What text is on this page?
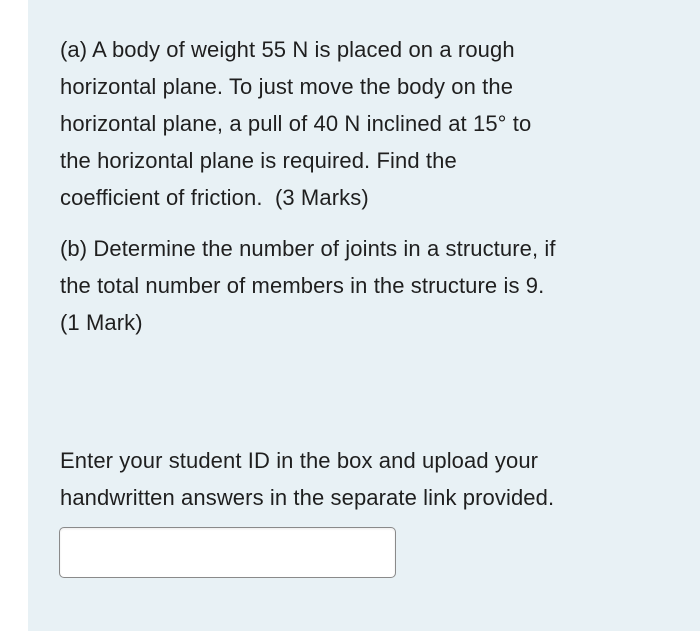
(a) A body of weight 55 N is placed on a rough
horizontal plane. To just move the body on the
horizontal plane, a pull of 40 N inclined at 15° to
the horizontal plane is required. Find the
coefficient of friction.  (3 Marks)

(b) Determine the number of joints in a structure, if
the total number of members in the structure is 9.
(1 Mark)

Enter your student ID in the box and upload your
handwritten answers in the separate link provided.
